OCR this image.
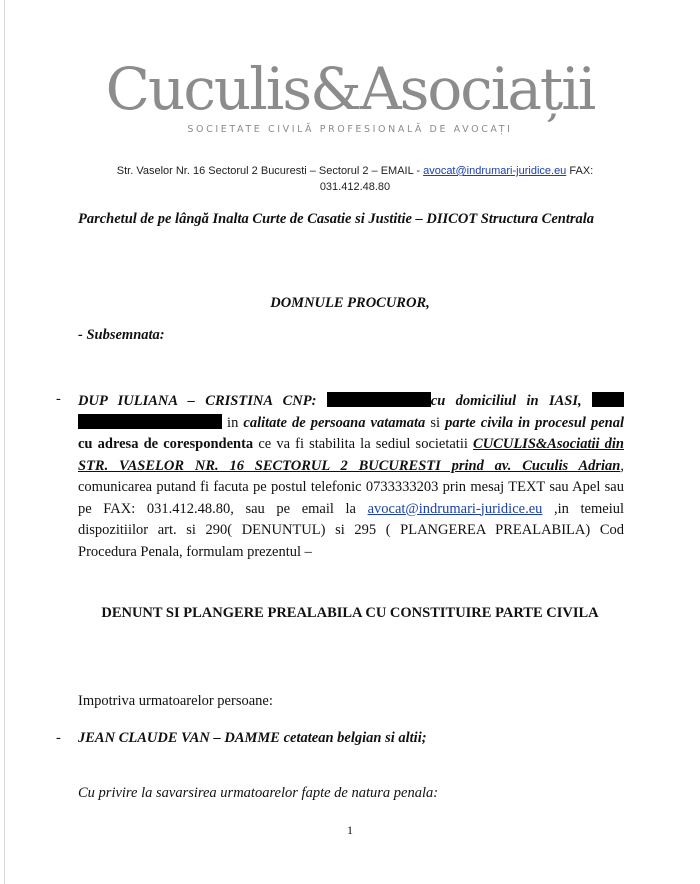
Cuculis&Asociații
SOCIETATE CIVILĂ PROFESIONALĂ DE AVOCAȚI
Str. Vaselor Nr. 16 Sectorul 2 Bucuresti – Sectorul 2 – EMAIL - avocat@indrumari-juridice.eu FAX: 031.412.48.80
Parchetul de pe lângă Inalta Curte de Casatie si Justitie – DIICOT Structura Centrala
DOMNULE PROCUROR,
- Subsemnata:
- DUP IULIANA – CRISTINA CNP:	cu domiciliul in IASI,   in calitate de persoana vatamata si parte civila in procesul penal cu adresa de corespondenta ce va fi stabilita la sediul societatii CUCULIS&Asociatii din STR. VASELOR NR. 16 SECTORUL 2 BUCURESTI prind av. Cuculis Adrian, comunicarea putand fi facuta pe postul telefonic 0733333203 prin mesaj TEXT sau Apel sau pe FAX: 031.412.48.80, sau pe email la avocat@indrumari-juridice.eu ,in temeiul dispozitiilor art. si 290( DENUNTUL) si 295 ( PLANGEREA PREALABILA) Cod Procedura Penala, formulam prezentul –
DENUNT SI PLANGERE PREALABILA CU CONSTITUIRE PARTE CIVILA
Impotriva urmatoarelor persoane:
- JEAN CLAUDE VAN – DAMME cetatean belgian si altii;
Cu privire la savarsirea urmatoarelor fapte de natura penala:
1
